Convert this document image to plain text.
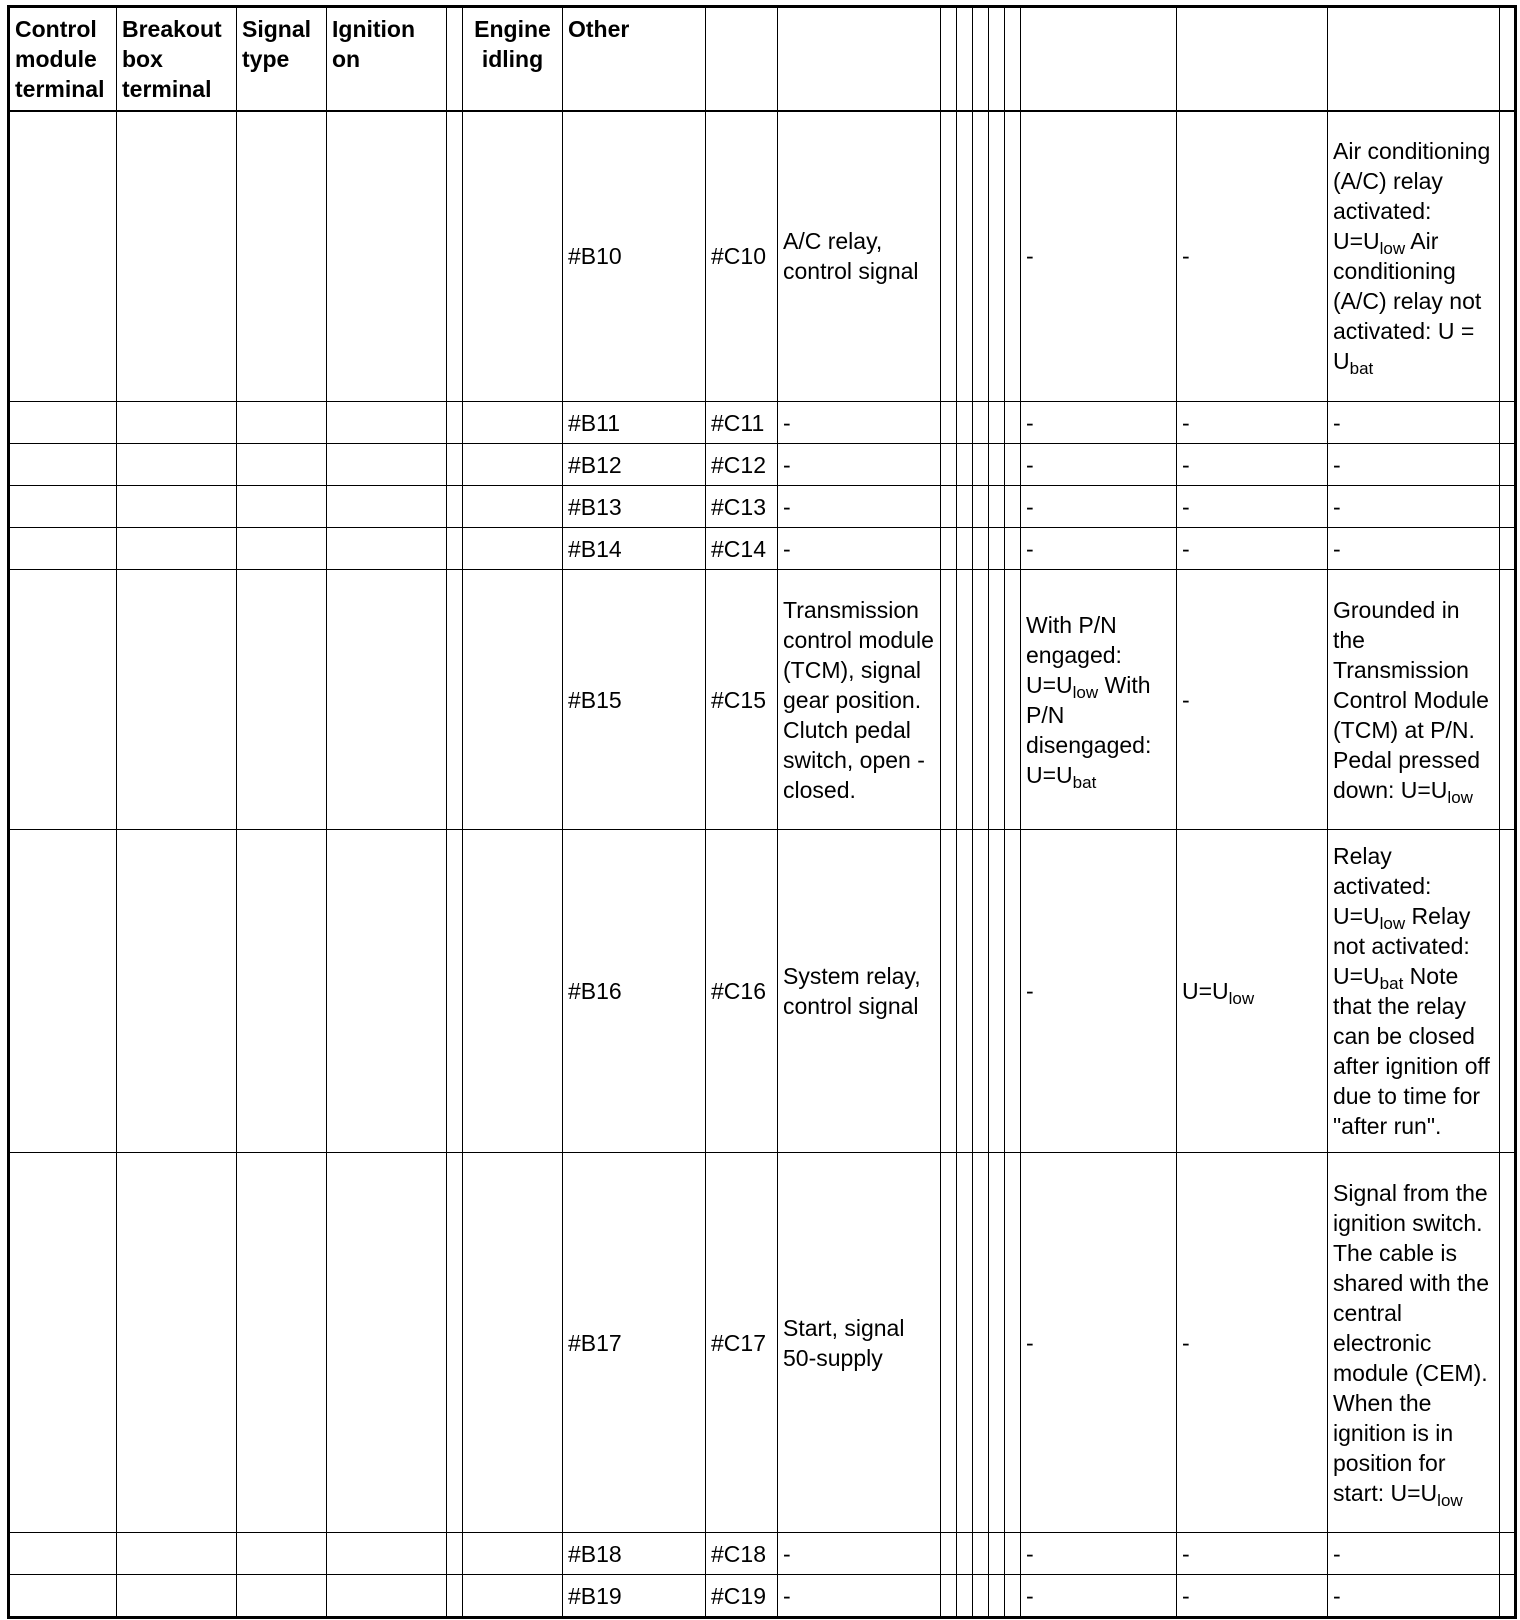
Control module terminal	Breakout box terminal	Signal type	Ignition on		Engine idling	Other											
						#B10	#C10	A/C relay, control signal						-	-	Air conditioning (A/C) relay activated: $U=U_{low}$ Air conditioning (A/C) relay not activated: $U = U_{bat}$	
						#B11	#C11	-						-	-	-	
						#B12	#C12	-						-	-	-	
						#B13	#C13	-						-	-	-	
						#B14	#C14	-						-	-	-	
						#B15	#C15	Transmission control module (TCM), signal gear position. Clutch pedal switch, open - closed.						With P/N engaged: $U=U_{low}$ With P/N disengaged: $U=U_{bat}$	-	Grounded in the Transmission Control Module (TCM) at P/N. Pedal pressed down: $U=U_{low}$	
						#B16	#C16	System relay, control signal						-	$U=U_{low}$	Relay activated: $U=U_{low}$ Relay not activated: $U=U_{bat}$ Note that the relay can be closed after ignition off due to time for "after run".	
						#B17	#C17	Start, signal 50-supply						-	-	Signal from the ignition switch. The cable is shared with the central electronic module (CEM). When the ignition is in position for start: $U=U_{low}$	
						#B18	#C18	-						-	-	-	
						#B19	#C19	-						-	-	-	
